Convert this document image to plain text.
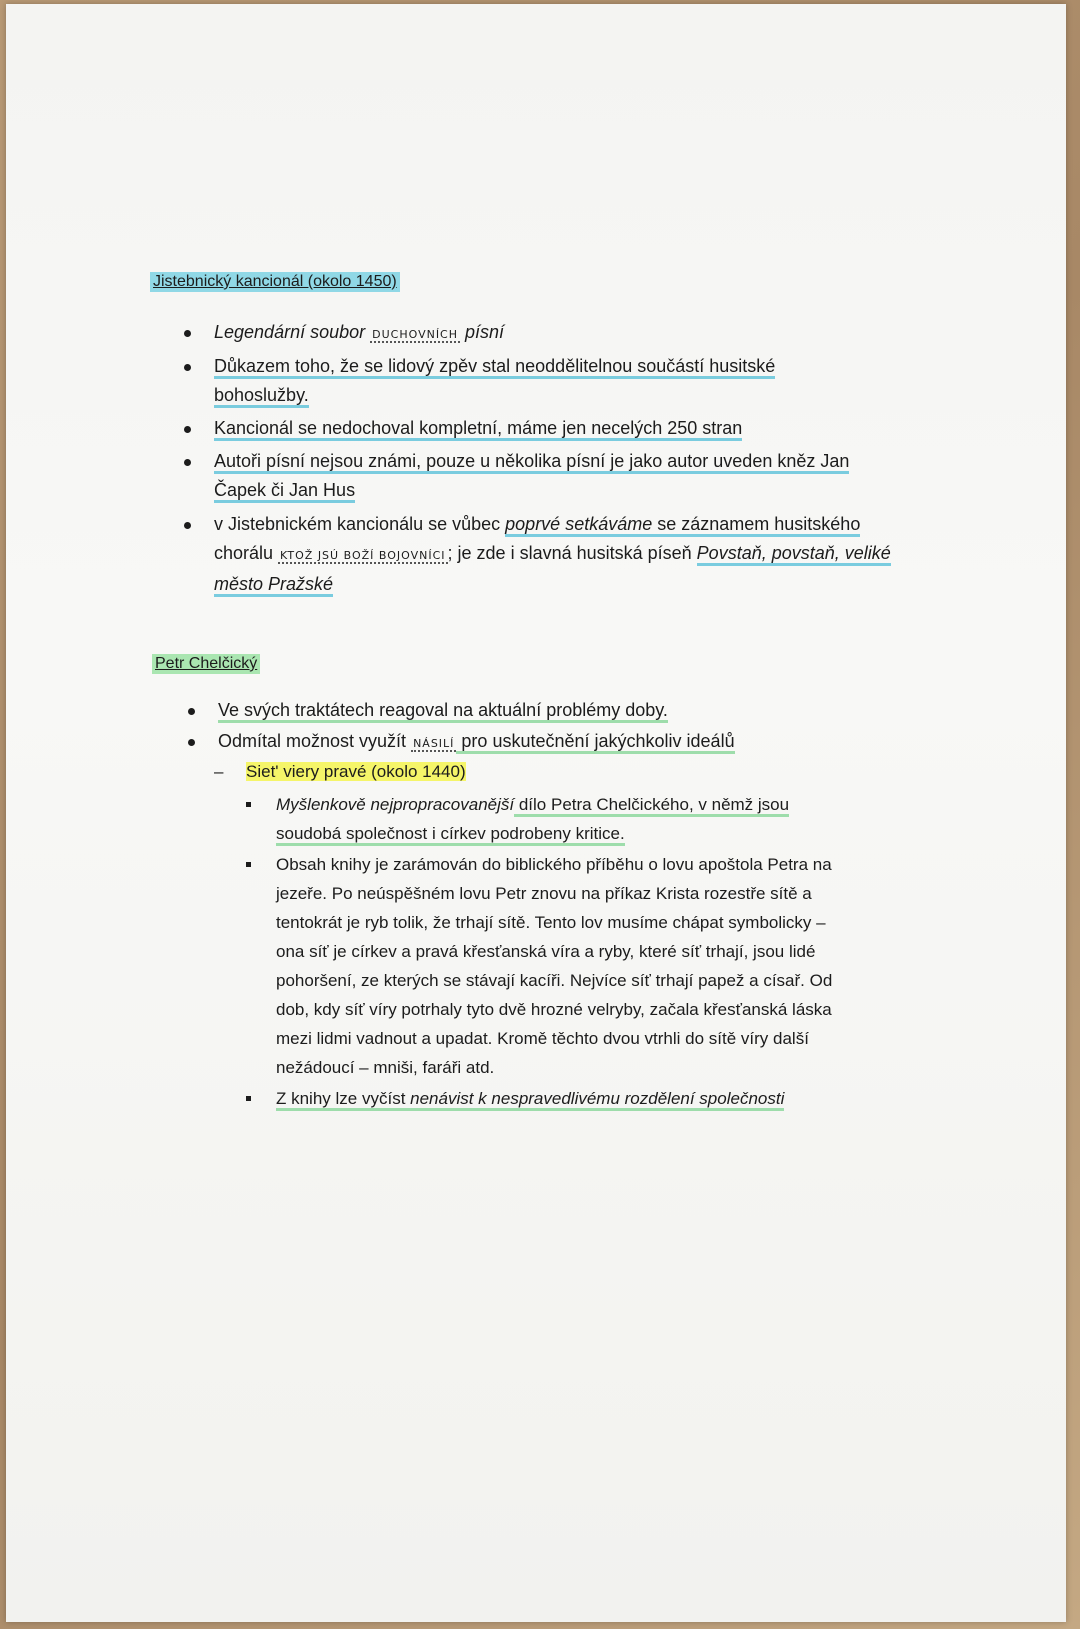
Jistebnický kancionál (okolo 1450)
Legendární soubor DUCHOVNÍCH písní
Důkazem toho, že se lidový zpěv stal neoddělitelnou součástí husitské
bohoslužby.
Kancionál se nedochoval kompletní, máme jen necelých 250 stran
Autoři písní nejsou známi, pouze u několika písní je jako autor uveden kněz Jan
Čapek či Jan Hus
v Jistebnickém kancionálu se vůbec poprvé setkáváme se záznamem husitského
chorálu KTOŽ JSÚ BOŽÍ BOJOVNÍCI ; je zde i slavná husitská píseň Povstaň, povstaň, veliké
město Pražské
Petr Chelčický
Ve svých traktátech reagoval na aktuální problémy doby.
Odmítal možnost využít NÁSILÍ pro uskutečnění jakýchkoliv ideálů
– Siet' viery pravé (okolo 1440)
Myšlenkově nejpropracovanější dílo Petra Chelčického, v němž jsou
soudobá společnost i církev podrobeny kritice.
Obsah knihy je zarámován do biblického příběhu o lovu apoštola Petra na
jezeře. Po neúspěšném lovu Petr znovu na příkaz Krista rozestře sítě a
tentokrát je ryb tolik, že trhají sítě. Tento lov musíme chápat symbolicky –
ona síť je církev a pravá křesťanská víra a ryby, které síť trhají, jsou lidé
pohoršení, ze kterých se stávají kacíři. Nejvíce síť trhají papež a císař. Od
dob, kdy síť víry potrhaly tyto dvě hrozné velryby, začala křesťanská láska
mezi lidmi vadnout a upadat. Kromě těchto dvou vtrhli do sítě víry další
nežádoucí – mniši, faráři atd.
Z knihy lze vyčíst nenávist k nespravedlivému rozdělení společnosti
